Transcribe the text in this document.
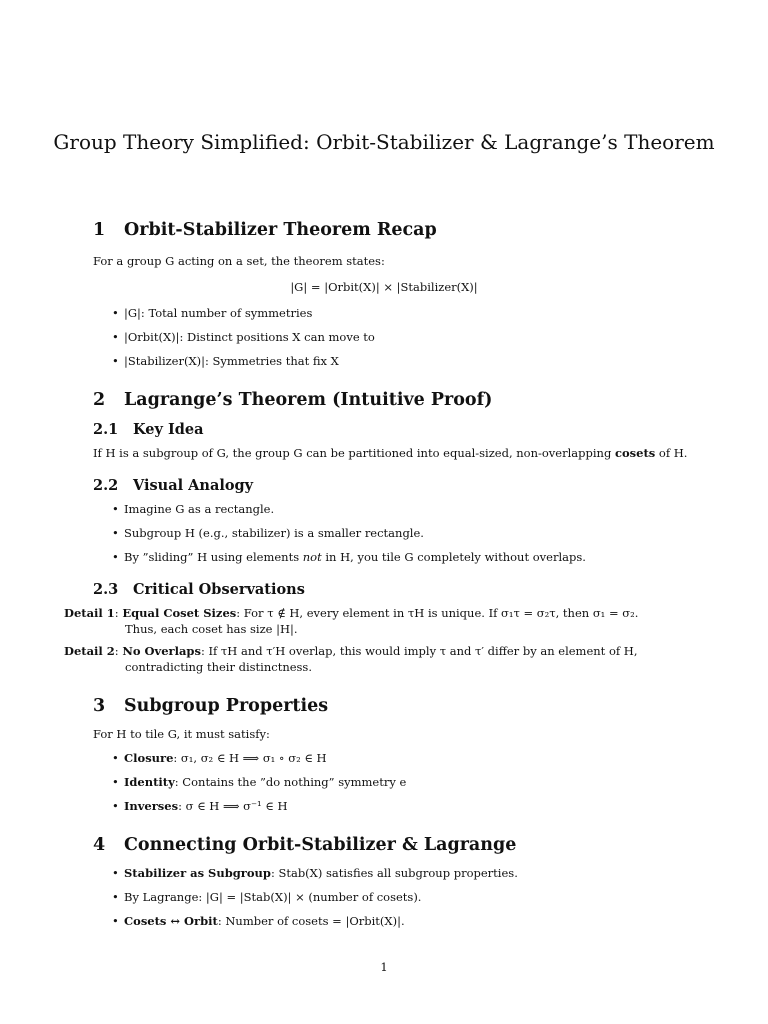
Group Theory Simplified: Orbit-Stabilizer & Lagrange’s Theorem
1 Orbit-Stabilizer Theorem Recap

For a group G acting on a set, the theorem states:

|G| = |Orbit(X)| × |Stabilizer(X)|

• |G|: Total number of symmetries

• |Orbit(X)|: Distinct positions X can move to

• |Stabilizer(X)|: Symmetries that fix X

2 Lagrange’s Theorem (Intuitive Proof)
2.1 Key Idea

If H is a subgroup of G, the group G can be partitioned into equal-sized, non-overlapping cosets of H.

2.2 Visual Analogy

• Imagine G as a rectangle.

• Subgroup H (e.g., stabilizer) is a smaller rectangle.

• By ”sliding” H using elements not in H, you tile G completely without overlaps.

2.3 Critical Observations
Detail 1: Equal Coset Sizes: For τ ∉ H, every element in τH is unique. If σ₁τ = σ₂τ, then σ₁ = σ₂.
Thus, each coset has size |H|.
Detail 2: No Overlaps: If τH and τ′H overlap, this would imply τ and τ′ differ by an element of H,
contradicting their distinctness.
3 Subgroup Properties

For H to tile G, it must satisfy:

• Closure: σ₁, σ₂ ∈ H ⟹ σ₁ ∘ σ₂ ∈ H

• Identity: Contains the ”do nothing” symmetry e

• Inverses: σ ∈ H ⟹ σ⁻¹ ∈ H

4 Connecting Orbit-Stabilizer & Lagrange

• Stabilizer as Subgroup: Stab(X) satisfies all subgroup properties.

• By Lagrange: |G| = |Stab(X)| × (number of cosets).

• Cosets ↔ Orbit: Number of cosets = |Orbit(X)|.

1
